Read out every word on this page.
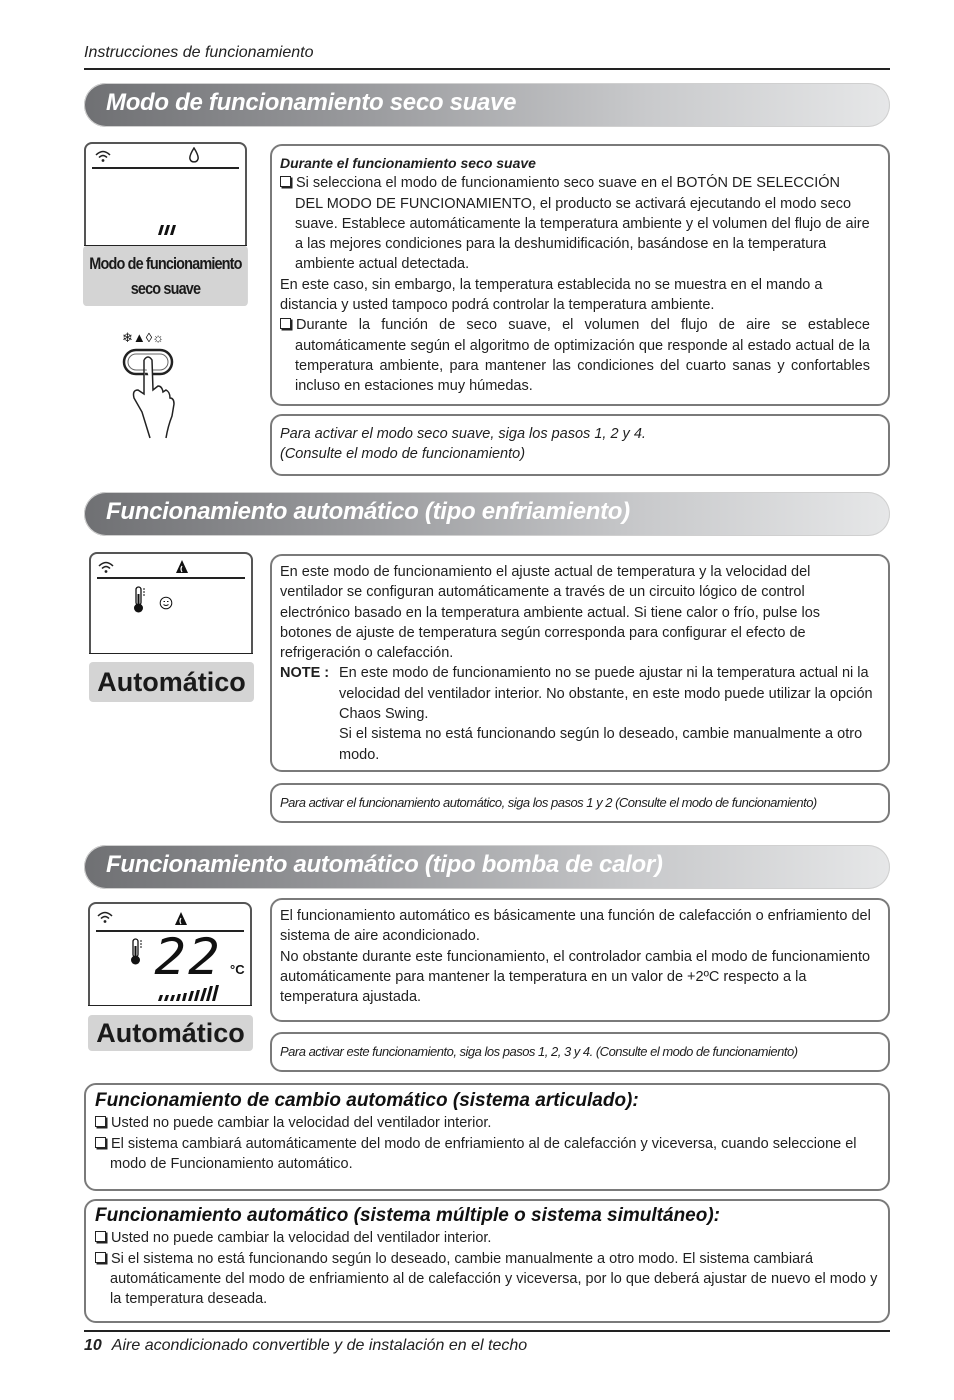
Instrucciones de funcionamiento
Modo de funcionamiento seco suave
Modo de funcionamiento
seco suave
❄▲◊☼

Durante el funcionamiento seco suave

Si selecciona el modo de funcionamiento seco suave en el BOTÓN DE SELECCIÓN DEL MODO DE FUNCIONAMIENTO, el producto se activará ejecutando el modo seco suave. Establece automáticamente la temperatura ambiente y el volumen del flujo de aire a las mejores condiciones para la deshumidificación, basándose en la temperatura ambiente actual detectada.

En este caso, sin embargo, la temperatura establecida no se muestra en el mando a distancia y usted tampoco podrá controlar la temperatura ambiente.

Durante la función de seco suave, el volumen del flujo de aire se establece automáticamente según el algoritmo de optimización que responde al estado actual de la temperatura ambiente, para mantener las condiciones del cuarto sanas y confortables incluso en estaciones muy húmedas.

Para activar el modo seco suave, siga los pasos 1, 2 y 4.

(Consulte el modo de funcionamiento)

Funcionamiento automático (tipo enfriamiento)
Automático

En este modo de funcionamiento el ajuste actual de temperatura y la velocidad del ventilador se configuran automáticamente a través de un circuito lógico de control electrónico basado en la temperatura ambiente actual. Si tiene calor o frío, pulse los botones de ajuste de temperatura según corresponda para configurar el efecto de refrigeración o calefacción.

NOTE : En este modo de funcionamiento no se puede ajustar ni la temperatura actual ni la velocidad del ventilador interior. No obstante, en este modo puede utilizar la opción Chaos Swing.

Si el sistema no está funcionando según lo deseado, cambie manualmente a otro modo.

Para activar el funcionamiento automático, siga los pasos 1 y 2 (Consulte el modo de funcionamiento)

Funcionamiento automático (tipo bomba de calor)
22 °C
Automático

El funcionamiento automático es básicamente una función de calefacción o enfriamiento del sistema de aire acondicionado.

No obstante durante este funcionamiento, el controlador cambia el modo de funcionamiento automáticamente para mantener la temperatura en un valor de +2ºC respecto a la temperatura ajustada.

Para activar este funcionamiento, siga los pasos 1, 2, 3 y 4. (Consulte el modo de funcionamiento)

Funcionamiento de cambio automático (sistema articulado):

Usted no puede cambiar la velocidad del ventilador interior.

El sistema cambiará automáticamente del modo de enfriamiento al de calefacción y viceversa, cuando seleccione el modo de Funcionamiento automático.

Funcionamiento automático (sistema múltiple o sistema simultáneo):

Usted no puede cambiar la velocidad del ventilador interior.

Si el sistema no está funcionando según lo deseado, cambie manualmente a otro modo. El sistema cambiará automáticamente del modo de enfriamiento al de calefacción y viceversa, por lo que deberá ajustar de nuevo el modo y la temperatura deseada.

10 Aire acondicionado convertible y de instalación en el techo
